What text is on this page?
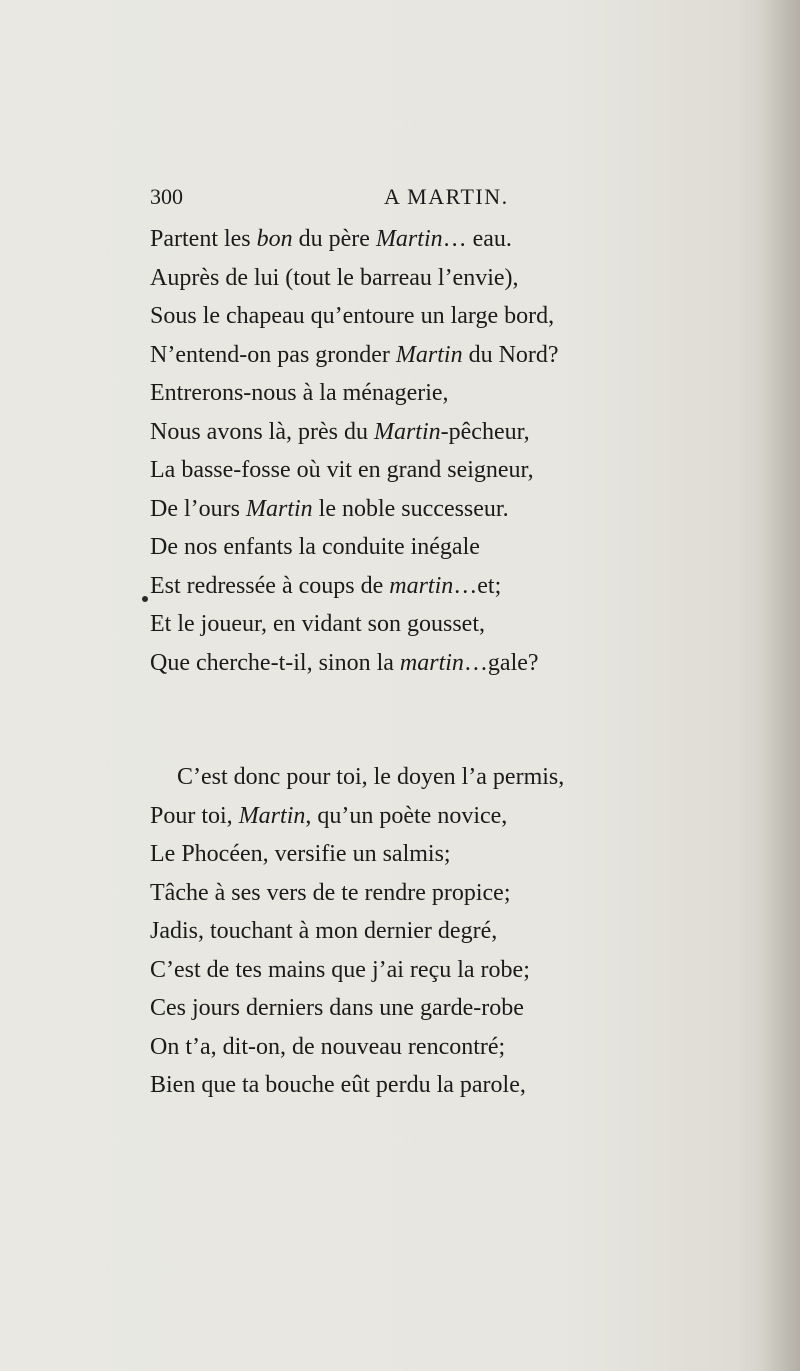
300	A MARTIN.
Partent les bon du père Martin… eau.
Auprès de lui (tout le barreau l’envie),
Sous le chapeau qu’entoure un large bord,
N’entend-on pas gronder Martin du Nord?
Entrerons-nous à la ménagerie,
Nous avons là, près du Martin-pêcheur,
La basse-fosse où vit en grand seigneur,
De l’ours Martin le noble successeur.
De nos enfants la conduite inégale
Est redressée à coups de martin…et;
Et le joueur, en vidant son gousset,
Que cherche-t-il, sinon la martin…gale?
C’est donc pour toi, le doyen l’a permis,
Pour toi, Martin, qu’un poète novice,
Le Phocéen, versifie un salmis;
Tâche à ses vers de te rendre propice;
Jadis, touchant à mon dernier degré,
C’est de tes mains que j’ai reçu la robe;
Ces jours derniers dans une garde-robe
On t’a, dit-on, de nouveau rencontré;
Bien que ta bouche eût perdu la parole,
